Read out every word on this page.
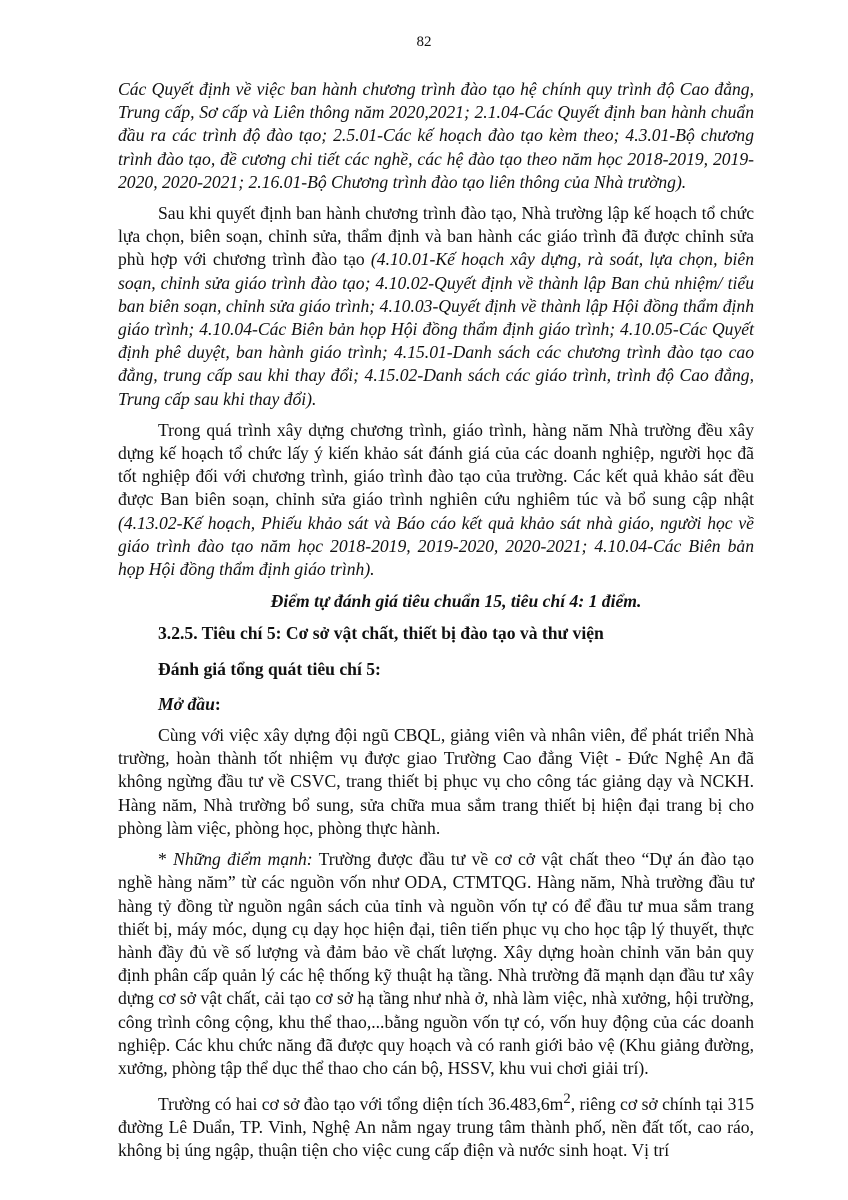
82

Các Quyết định về việc ban hành chương trình đào tạo hệ chính quy trình độ Cao đẳng, Trung cấp, Sơ cấp và Liên thông năm 2020,2021; 2.1.04-Các Quyết định ban hành chuẩn đầu ra các trình độ đào tạo; 2.5.01-Các kế hoạch đào tạo kèm theo; 4.3.01-Bộ chương trình đào tạo, đề cương chi tiết các nghề, các hệ đào tạo theo năm học 2018-2019, 2019-2020, 2020-2021; 2.16.01-Bộ Chương trình đào tạo liên thông của Nhà trường).

Sau khi quyết định ban hành chương trình đào tạo, Nhà trường lập kế hoạch tổ chức lựa chọn, biên soạn, chỉnh sửa, thẩm định và ban hành các giáo trình đã được chỉnh sửa phù hợp với chương trình đào tạo (4.10.01-Kế hoạch xây dựng, rà soát, lựa chọn, biên soạn, chỉnh sửa giáo trình đào tạo; 4.10.02-Quyết định về thành lập Ban chủ nhiệm/ tiểu ban biên soạn, chỉnh sửa giáo trình; 4.10.03-Quyết định về thành lập Hội đồng thẩm định giáo trình; 4.10.04-Các Biên bản họp Hội đồng thẩm định giáo trình; 4.10.05-Các Quyết định phê duyệt, ban hành giáo trình; 4.15.01-Danh sách các chương trình đào tạo cao đẳng, trung cấp sau khi thay đổi; 4.15.02-Danh sách các giáo trình, trình độ Cao đẳng, Trung cấp sau khi thay đổi).

Trong quá trình xây dựng chương trình, giáo trình, hàng năm Nhà trường đều xây dựng kế hoạch tổ chức lấy ý kiến khảo sát đánh giá của các doanh nghiệp, người học đã tốt nghiệp đối với chương trình, giáo trình đào tạo của trường. Các kết quả khảo sát đều được Ban biên soạn, chỉnh sửa giáo trình nghiên cứu nghiêm túc và bổ sung cập nhật (4.13.02-Kế hoạch, Phiếu khảo sát và Báo cáo kết quả khảo sát nhà giáo, người học về giáo trình đào tạo năm học 2018-2019, 2019-2020, 2020-2021; 4.10.04-Các Biên bản họp Hội đồng thẩm định giáo trình).

Điểm tự đánh giá tiêu chuẩn 15, tiêu chí 4: 1 điểm.

3.2.5. Tiêu chí 5: Cơ sở vật chất, thiết bị đào tạo và thư viện

Đánh giá tổng quát tiêu chí 5:

Mở đầu:

Cùng với việc xây dựng đội ngũ CBQL, giảng viên và nhân viên, để phát triển Nhà trường, hoàn thành tốt nhiệm vụ được giao Trường Cao đẳng Việt - Đức Nghệ An đã không ngừng đầu tư về CSVC, trang thiết bị phục vụ cho công tác giảng dạy và NCKH. Hàng năm, Nhà trường bổ sung, sửa chữa mua sắm trang thiết bị hiện đại trang bị cho phòng làm việc, phòng học, phòng thực hành.

* Những điểm mạnh: Trường được đầu tư về cơ cở vật chất theo “Dự án đào tạo nghề hàng năm” từ các nguồn vốn như ODA, CTMTQG. Hàng năm, Nhà trường đầu tư hàng tỷ đồng từ nguồn ngân sách của tỉnh và nguồn vốn tự có để đầu tư mua sắm trang thiết bị, máy móc, dụng cụ dạy học hiện đại, tiên tiến phục vụ cho học tập lý thuyết, thực hành đầy đủ về số lượng và đảm bảo về chất lượng. Xây dựng hoàn chỉnh văn bản quy định phân cấp quản lý các hệ thống kỹ thuật hạ tầng. Nhà trường đã mạnh dạn đầu tư xây dựng cơ sở vật chất, cải tạo cơ sở hạ tầng như nhà ở, nhà làm việc, nhà xưởng, hội trường, công trình công cộng, khu thể thao,...bằng nguồn vốn tự có, vốn huy động của các doanh nghiệp. Các khu chức năng đã được quy hoạch và có ranh giới bảo vệ (Khu giảng đường, xưởng, phòng tập thể dục thể thao cho cán bộ, HSSV, khu vui chơi giải trí).

Trường có hai cơ sở đào tạo với tổng diện tích $36.483,6m^2$, riêng cơ sở chính tại 315 đường Lê Duẩn, TP. Vinh, Nghệ An nằm ngay trung tâm thành phố, nền đất tốt, cao ráo, không bị úng ngập, thuận tiện cho việc cung cấp điện và nước sinh hoạt. Vị trí
